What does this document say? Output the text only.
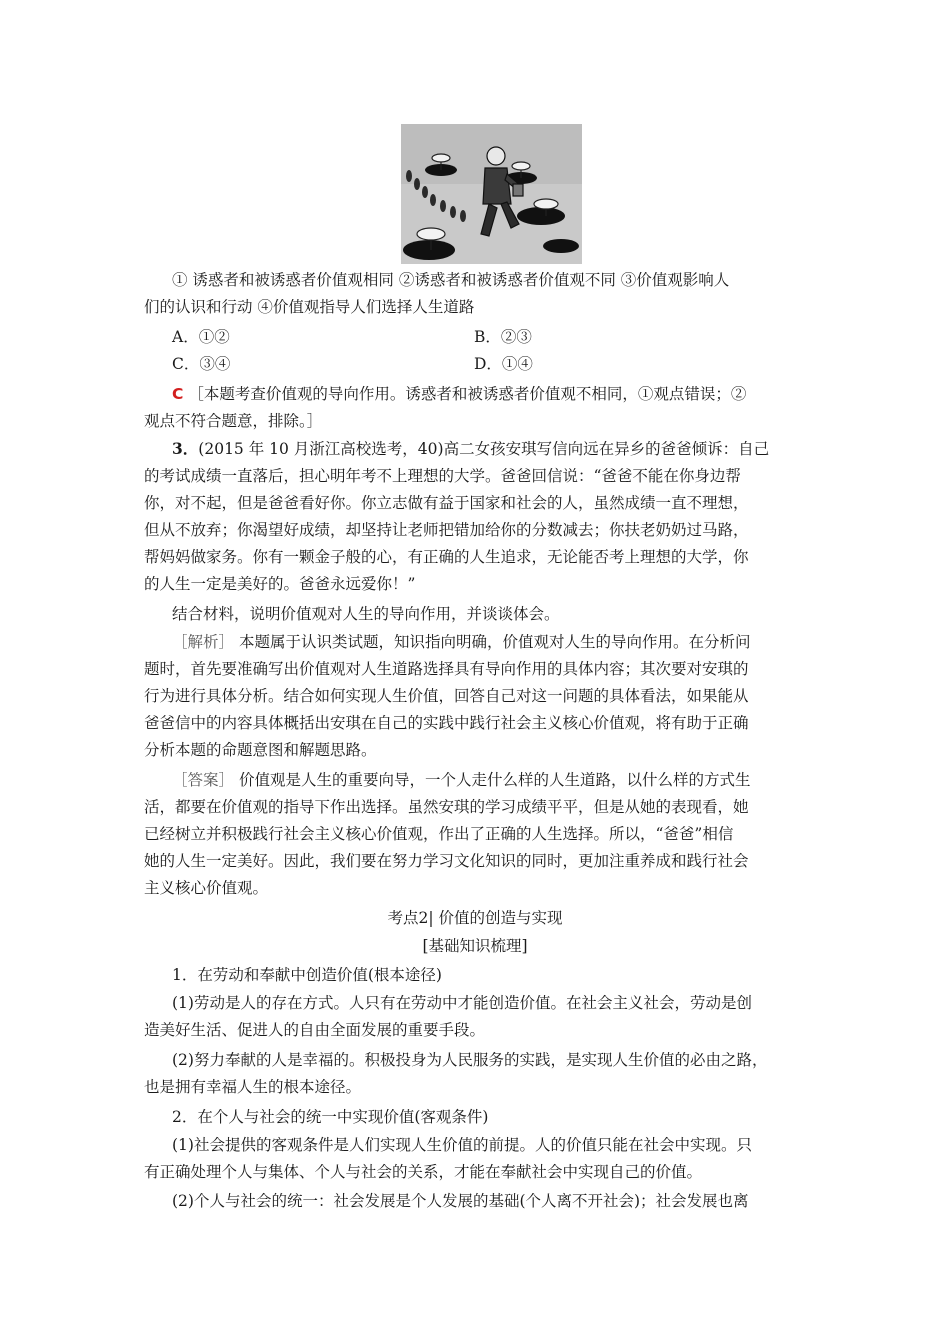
① 诱惑者和被诱惑者价值观相同 ②诱惑者和被诱惑者价值观不同 ③价值观影响人
们的认识和行动 ④价值观指导人们选择人生道路
A．①②	B．②③
C．③④	D．①④
C ［本题考查价值观的导向作用。诱惑者和被诱惑者价值观不相同，①观点错误；②
观点不符合题意，排除。］
3．(2015 年 10 月浙江高校选考，40)高二女孩安琪写信向远在异乡的爸爸倾诉：自己
的考试成绩一直落后，担心明年考不上理想的大学。爸爸回信说：“爸爸不能在你身边帮
你，对不起，但是爸爸看好你。你立志做有益于国家和社会的人，虽然成绩一直不理想，
但从不放弃；你渴望好成绩，却坚持让老师把错加给你的分数减去；你扶老奶奶过马路，
帮妈妈做家务。你有一颗金子般的心，有正确的人生追求，无论能否考上理想的大学，你
的人生一定是美好的。爸爸永远爱你！”
结合材料，说明价值观对人生的导向作用，并谈谈体会。
［解析］ 本题属于认识类试题，知识指向明确，价值观对人生的导向作用。在分析问
题时，首先要准确写出价值观对人生道路选择具有导向作用的具体内容；其次要对安琪的
行为进行具体分析。结合如何实现人生价值，回答自己对这一问题的具体看法，如果能从
爸爸信中的内容具体概括出安琪在自己的实践中践行社会主义核心价值观，将有助于正确
分析本题的命题意图和解题思路。
［答案］ 价值观是人生的重要向导，一个人走什么样的人生道路，以什么样的方式生
活，都要在价值观的指导下作出选择。虽然安琪的学习成绩平平，但是从她的表现看，她
已经树立并积极践行社会主义核心价值观，作出了正确的人生选择。所以，“爸爸”相信
她的人生一定美好。因此，我们要在努力学习文化知识的同时，更加注重养成和践行社会
主义核心价值观。
考点2| 价值的创造与实现
[基础知识梳理]
1．在劳动和奉献中创造价值(根本途径)
(1)劳动是人的存在方式。人只有在劳动中才能创造价值。在社会主义社会，劳动是创
造美好生活、促进人的自由全面发展的重要手段。
(2)努力奉献的人是幸福的。积极投身为人民服务的实践，是实现人生价值的必由之路，
也是拥有幸福人生的根本途径。
2．在个人与社会的统一中实现价值(客观条件)
(1)社会提供的客观条件是人们实现人生价值的前提。人的价值只能在社会中实现。只
有正确处理个人与集体、个人与社会的关系，才能在奉献社会中实现自己的价值。
(2)个人与社会的统一：社会发展是个人发展的基础(个人离不开社会)；社会发展也离
